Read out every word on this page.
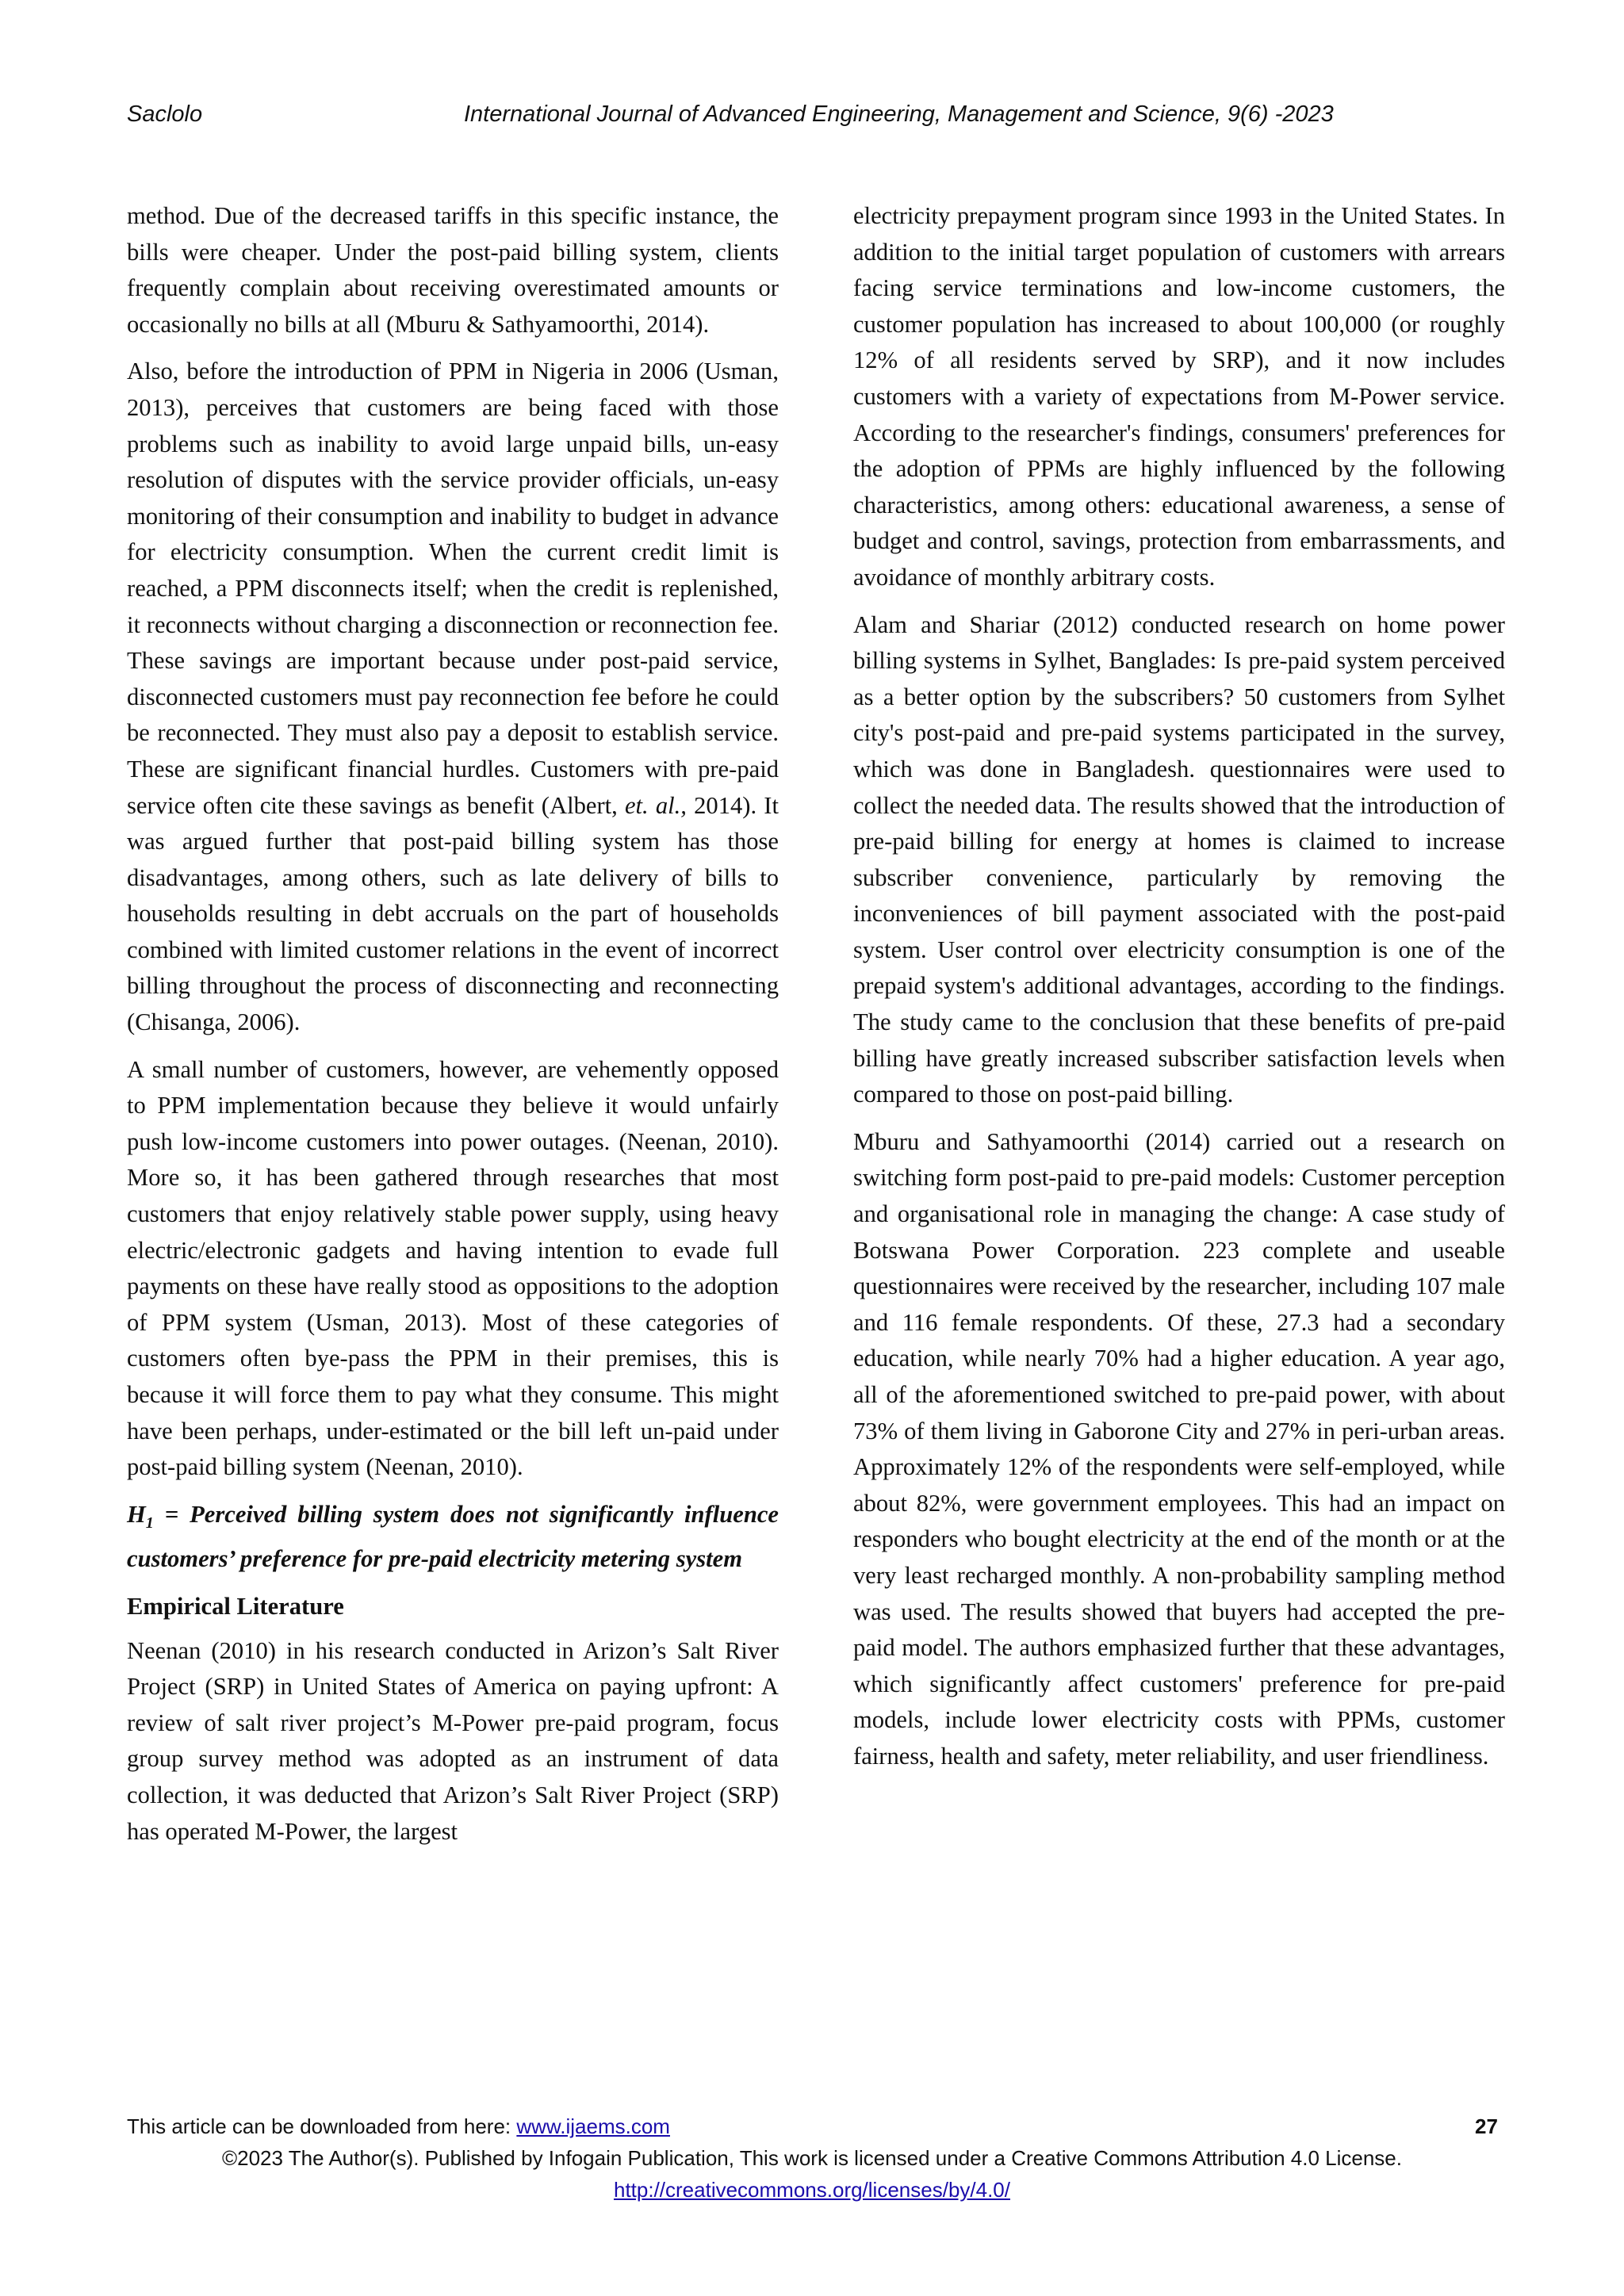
Saclolo	International Journal of Advanced Engineering, Management and Science, 9(6) -2023

method. Due of the decreased tariffs in this specific instance, the bills were cheaper. Under the post-paid billing system, clients frequently complain about receiving overestimated amounts or occasionally no bills at all (Mburu & Sathyamoorthi, 2014).

Also, before the introduction of PPM in Nigeria in 2006 (Usman, 2013), perceives that customers are being faced with those problems such as inability to avoid large unpaid bills, un-easy resolution of disputes with the service provider officials, un-easy monitoring of their consumption and inability to budget in advance for electricity consumption. When the current credit limit is reached, a PPM disconnects itself; when the credit is replenished, it reconnects without charging a disconnection or reconnection fee. These savings are important because under post-paid service, disconnected customers must pay reconnection fee before he could be reconnected. They must also pay a deposit to establish service. These are significant financial hurdles. Customers with pre-paid service often cite these savings as benefit (Albert, et. al., 2014). It was argued further that post-paid billing system has those disadvantages, among others, such as late delivery of bills to households resulting in debt accruals on the part of households combined with limited customer relations in the event of incorrect billing throughout the process of disconnecting and reconnecting (Chisanga, 2006).

A small number of customers, however, are vehemently opposed to PPM implementation because they believe it would unfairly push low-income customers into power outages. (Neenan, 2010). More so, it has been gathered through researches that most customers that enjoy relatively stable power supply, using heavy electric/electronic gadgets and having intention to evade full payments on these have really stood as oppositions to the adoption of PPM system (Usman, 2013). Most of these categories of customers often bye-pass the PPM in their premises, this is because it will force them to pay what they consume. This might have been perhaps, under-estimated or the bill left un-paid under post-paid billing system (Neenan, 2010).

$H_1$ = Perceived billing system does not significantly influence customers’ preference for pre-paid electricity metering system

Empirical Literature

Neenan (2010) in his research conducted in Arizon’s Salt River Project (SRP) in United States of America on paying upfront: A review of salt river project’s M-Power pre-paid program, focus group survey method was adopted as an instrument of data collection, it was deducted that Arizon’s Salt River Project (SRP) has operated M-Power, the largest

electricity prepayment program since 1993 in the United States. In addition to the initial target population of customers with arrears facing service terminations and low-income customers, the customer population has increased to about 100,000 (or roughly 12% of all residents served by SRP), and it now includes customers with a variety of expectations from M-Power service. According to the researcher's findings, consumers' preferences for the adoption of PPMs are highly influenced by the following characteristics, among others: educational awareness, a sense of budget and control, savings, protection from embarrassments, and avoidance of monthly arbitrary costs.

Alam and Shariar (2012) conducted research on home power billing systems in Sylhet, Banglades: Is pre-paid system perceived as a better option by the subscribers? 50 customers from Sylhet city's post-paid and pre-paid systems participated in the survey, which was done in Bangladesh. questionnaires were used to collect the needed data. The results showed that the introduction of pre-paid billing for energy at homes is claimed to increase subscriber convenience, particularly by removing the inconveniences of bill payment associated with the post-paid system. User control over electricity consumption is one of the prepaid system's additional advantages, according to the findings. The study came to the conclusion that these benefits of pre-paid billing have greatly increased subscriber satisfaction levels when compared to those on post-paid billing.

Mburu and Sathyamoorthi (2014) carried out a research on switching form post-paid to pre-paid models: Customer perception and organisational role in managing the change: A case study of Botswana Power Corporation. 223 complete and useable questionnaires were received by the researcher, including 107 male and 116 female respondents. Of these, 27.3 had a secondary education, while nearly 70% had a higher education. A year ago, all of the aforementioned switched to pre-paid power, with about 73% of them living in Gaborone City and 27% in peri-urban areas. Approximately 12% of the respondents were self-employed, while about 82%, were government employees. This had an impact on responders who bought electricity at the end of the month or at the very least recharged monthly. A non-probability sampling method was used. The results showed that buyers had accepted the pre-paid model. The authors emphasized further that these advantages, which significantly affect customers' preference for pre-paid models, include lower electricity costs with PPMs, customer fairness, health and safety, meter reliability, and user friendliness.

This article can be downloaded from here: www.ijaems.com	27
©2023 The Author(s). Published by Infogain Publication, This work is licensed under a Creative Commons Attribution 4.0 License.
http://creativecommons.org/licenses/by/4.0/
